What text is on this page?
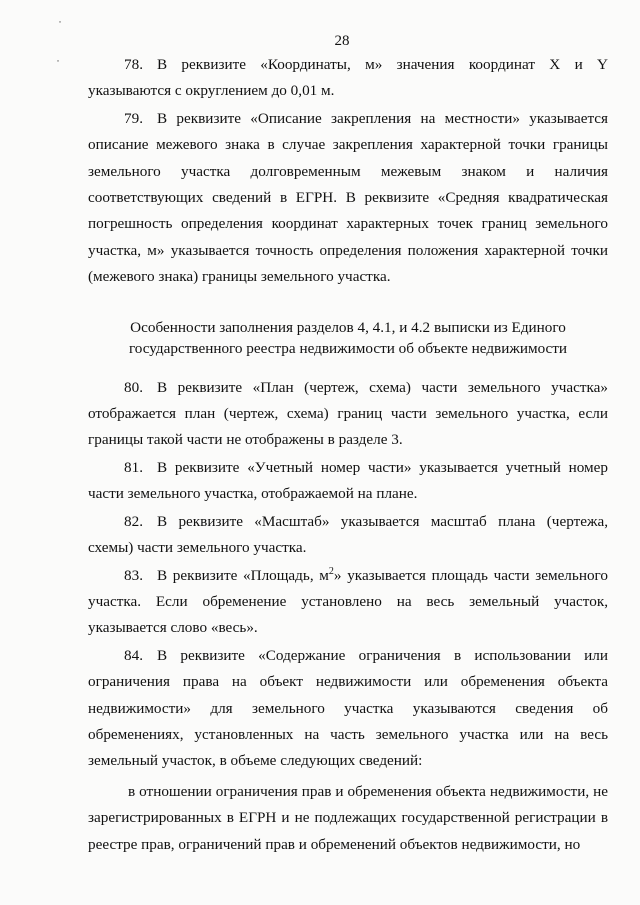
˙
˙
28

78. В реквизите «Координаты, м» значения координат X и Y указываются с округлением до 0,01 м.

79. В реквизите «Описание закрепления на местности» указывается описание межевого знака в случае закрепления характерной точки границы земельного участка долговременным межевым знаком и наличия соответствующих сведений в ЕГРН. В реквизите «Средняя квадратическая погрешность определения координат характерных точек границ земельного участка, м» указывается точность определения положения характерной точки (межевого знака) границы земельного участка.

Особенности заполнения разделов 4, 4.1, и 4.2 выписки из Единого государственного реестра недвижимости об объекте недвижимости

80. В реквизите «План (чертеж, схема) части земельного участка» отображается план (чертеж, схема) границ части земельного участка, если границы такой части не отображены в разделе 3.

81. В реквизите «Учетный номер части» указывается учетный номер части земельного участка, отображаемой на плане.

82. В реквизите «Масштаб» указывается масштаб плана (чертежа, схемы) части земельного участка.

83. В реквизите «Площадь, $м^2$» указывается площадь части земельного участка. Если обременение установлено на весь земельный участок, указывается слово «весь».

84. В реквизите «Содержание ограничения в использовании или ограничения права на объект недвижимости или обременения объекта недвижимости» для земельного участка указываются сведения об обременениях, установленных на часть земельного участка или на весь земельный участок, в объеме следующих сведений:

в отношении ограничения прав и обременения объекта недвижимости, не зарегистрированных в ЕГРН и не подлежащих государственной регистрации в реестре прав, ограничений прав и обременений объектов недвижимости, но
